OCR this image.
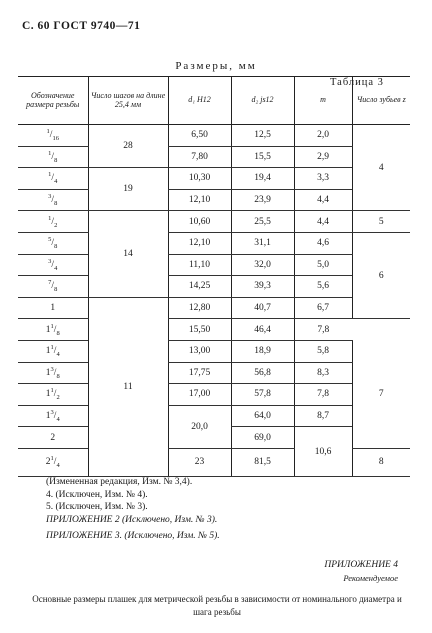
С. 60 ГОСТ 9740—71
Размеры, мм
Таблица 3
Обозначение размера резьбы	Число шагов на длине 25,4 мм	d₁ H12	d₂ js12	m	Число зубьев z
$^1/_{16}$	28	6,50	12,5	2,0	4
$^1/_8$		7,80	15,5	2,9	
$^1/_4$	19	10,30	19,4	3,3	
$^3/_8$		12,10	23,9	4,4	
$^1/_2$	14	10,60	25,5	4,4	5
$^5/_8$		12,10	31,1	4,6	6
$^3/_4$		11,10	32,0	5,0	
$^7/_8$		14,25	39,3	5,6	
1	11	12,80	40,7	6,7	
$1^1/_8$		15,50	46,4	7,8	
$1^1/_4$		13,00	18,9	5,8	7
$1^3/_8$		17,75	56,8	8,3	
$1^1/_2$		17,00	57,8	7,8	
$1^3/_4$		20,0	64,0	8,7	
2			69,0	10,6	
$2^1/_4$		23	81,5		8
(Измененная редакция, Изм. № 3,4).
4. (Исключен, Изм. № 4).
5. (Исключен, Изм. № 3).
ПРИЛОЖЕНИЕ 2 (Исключено, Изм. № 3).
ПРИЛОЖЕНИЕ 3. (Исключено, Изм. № 5).
ПРИЛОЖЕНИЕ 4
Рекомендуемое
Основные размеры плашек для метрической резьбы в зависимости от номинального диаметра и шага резьбы
